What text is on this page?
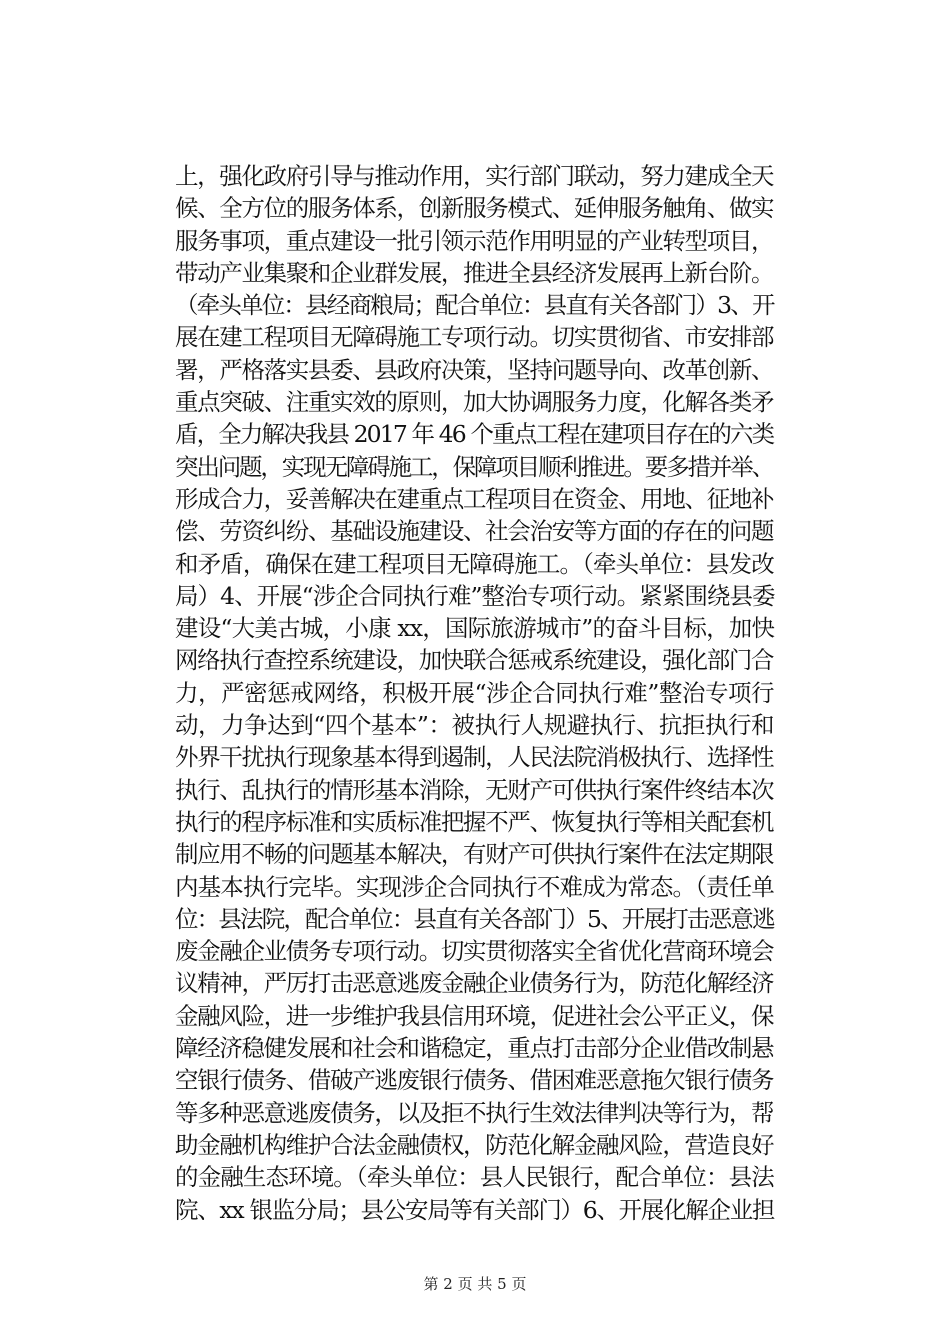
上，强化政府引导与推动作用，实行部门联动，努力建成全天
候、全方位的服务体系，创新服务模式、延伸服务触角、做实
服务事项，重点建设一批引领示范作用明显的产业转型项目，
带动产业集聚和企业群发展，推进全县经济发展再上新台阶。
（牵头单位：县经商粮局；配合单位：县直有关各部门）3、开
展在建工程项目无障碍施工专项行动。切实贯彻省、市安排部
署，严格落实县委、县政府决策，坚持问题导向、改革创新、
重点突破、注重实效的原则，加大协调服务力度，化解各类矛
盾，全力解决我县 2017 年 46 个重点工程在建项目存在的六类
突出问题，实现无障碍施工，保障项目顺利推进。要多措并举、
形成合力，妥善解决在建重点工程项目在资金、用地、征地补
偿、劳资纠纷、基础设施建设、社会治安等方面的存在的问题
和矛盾，确保在建工程项目无障碍施工。（牵头单位：县发改
局）4、开展“涉企合同执行难”整治专项行动。紧紧围绕县委
建设“大美古城，小康 xx，国际旅游城市”的奋斗目标，加快
网络执行查控系统建设，加快联合惩戒系统建设，强化部门合
力，严密惩戒网络，积极开展“涉企合同执行难”整治专项行
动，力争达到“四个基本”：被执行人规避执行、抗拒执行和
外界干扰执行现象基本得到遏制，人民法院消极执行、选择性
执行、乱执行的情形基本消除，无财产可供执行案件终结本次
执行的程序标准和实质标准把握不严、恢复执行等相关配套机
制应用不畅的问题基本解决，有财产可供执行案件在法定期限
内基本执行完毕。实现涉企合同执行不难成为常态。（责任单
位：县法院，配合单位：县直有关各部门）5、开展打击恶意逃
废金融企业债务专项行动。切实贯彻落实全省优化营商环境会
议精神，严厉打击恶意逃废金融企业债务行为，防范化解经济
金融风险，进一步维护我县信用环境，促进社会公平正义，保
障经济稳健发展和社会和谐稳定，重点打击部分企业借改制悬
空银行债务、借破产逃废银行债务、借困难恶意拖欠银行债务
等多种恶意逃废债务，以及拒不执行生效法律判决等行为，帮
助金融机构维护合法金融债权，防范化解金融风险，营造良好
的金融生态环境。（牵头单位：县人民银行，配合单位：县法
院、xx 银监分局；县公安局等有关部门）6、开展化解企业担
第 2 页 共 5 页
